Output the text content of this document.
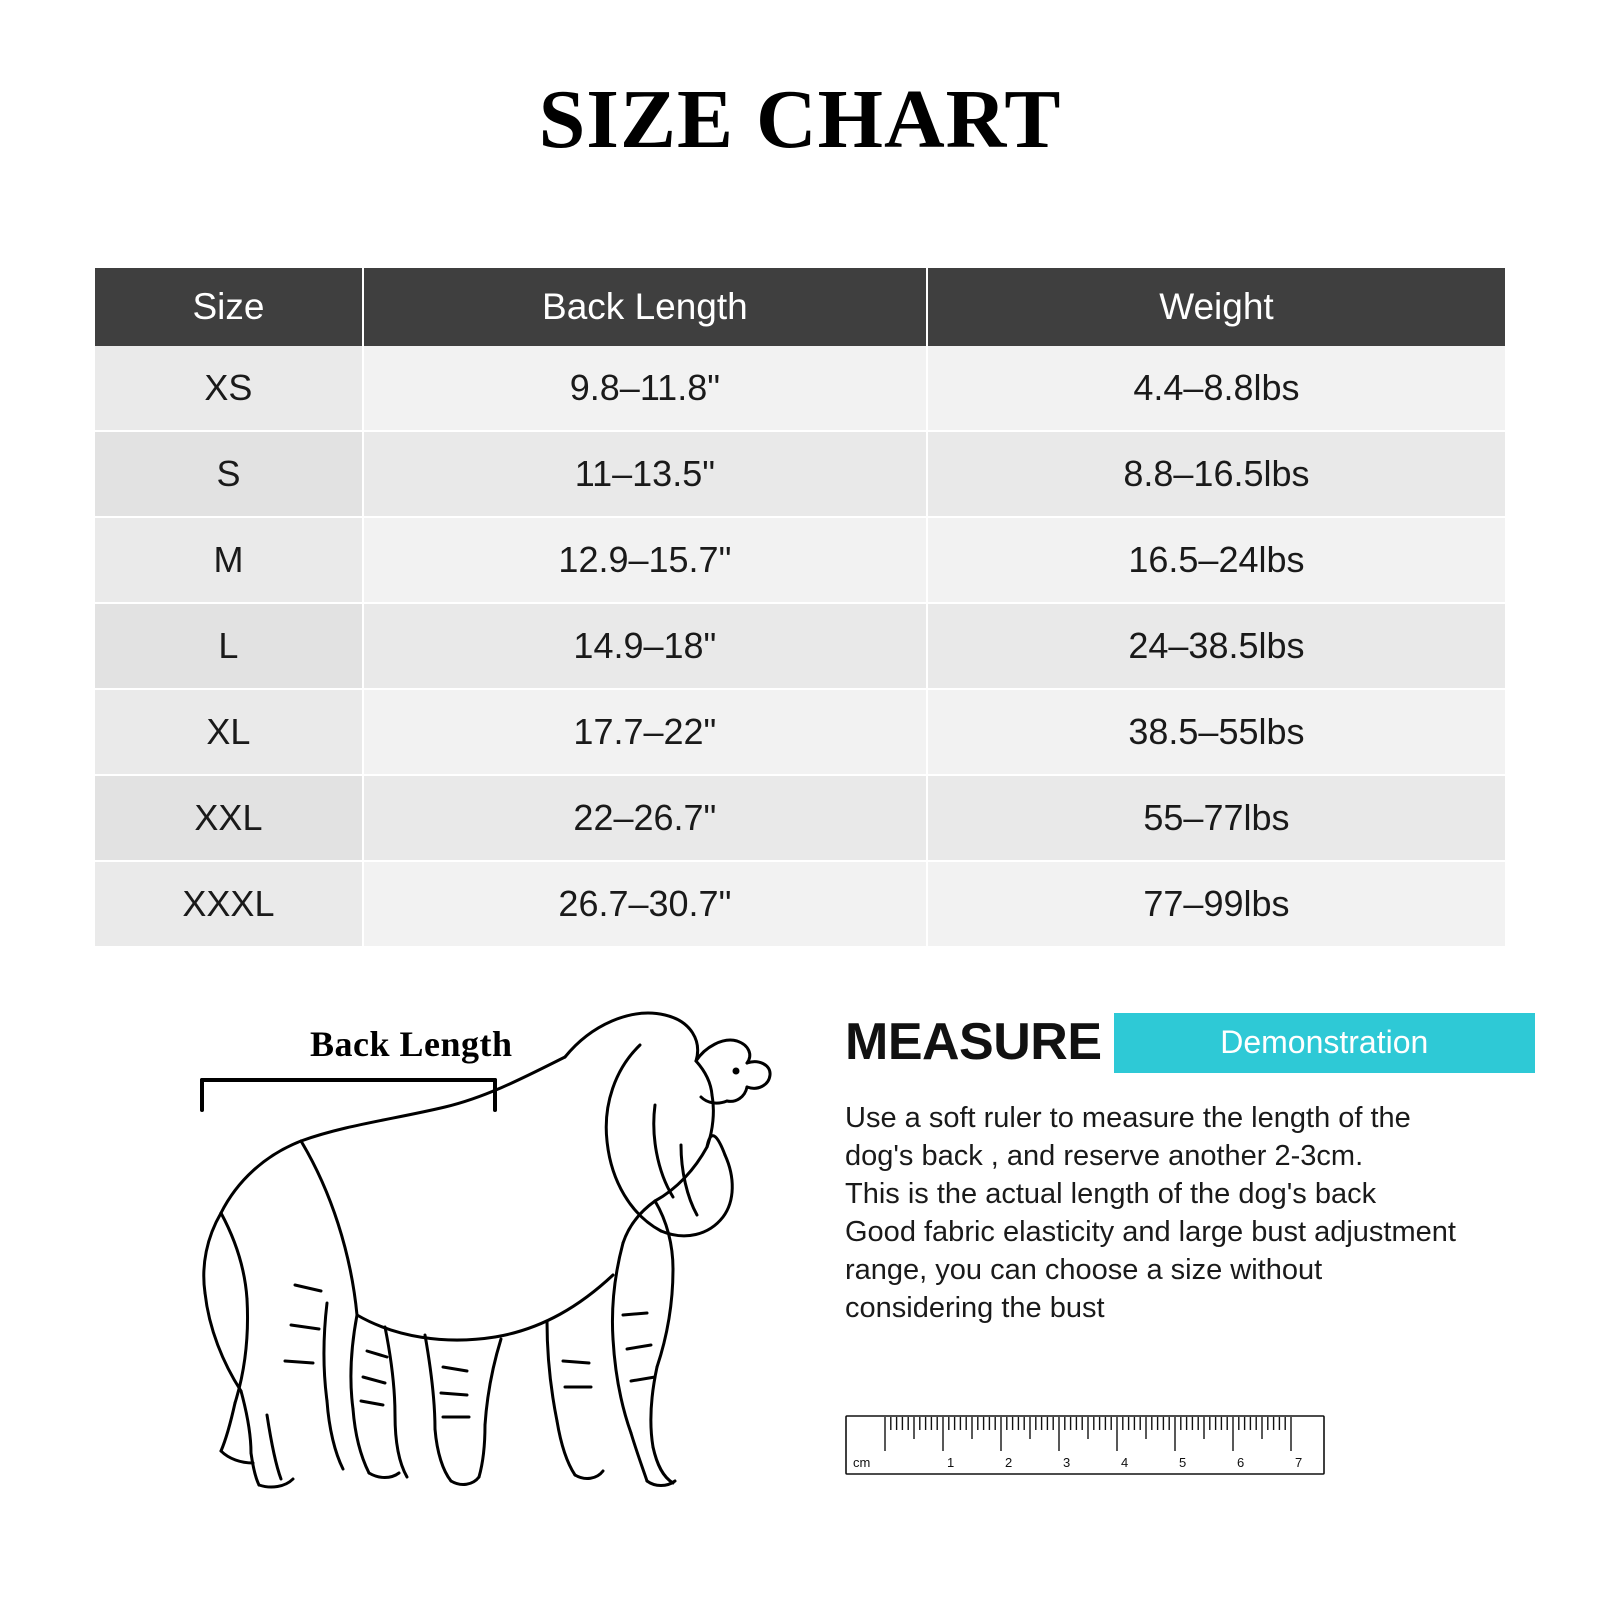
SIZE CHART
Size	Back Length	Weight
XS	9.8–11.8"	4.4–8.8lbs
S	11–13.5"	8.8–16.5lbs
M	12.9–15.7"	16.5–24lbs
L	14.9–18"	24–38.5lbs
XL	17.7–22"	38.5–55lbs
XXL	22–26.7"	55–77lbs
XXXL	26.7–30.7"	77–99lbs
Back Length	MEASURE	Demonstration

Use a soft ruler to measure the length of the

dog's back , and reserve another 2-3cm.

This is the actual length of the dog's back

Good fabric elasticity and large bust adjustment

range, you can choose a size without

considering the bust

cm	1	2	3	4	5	6	7
